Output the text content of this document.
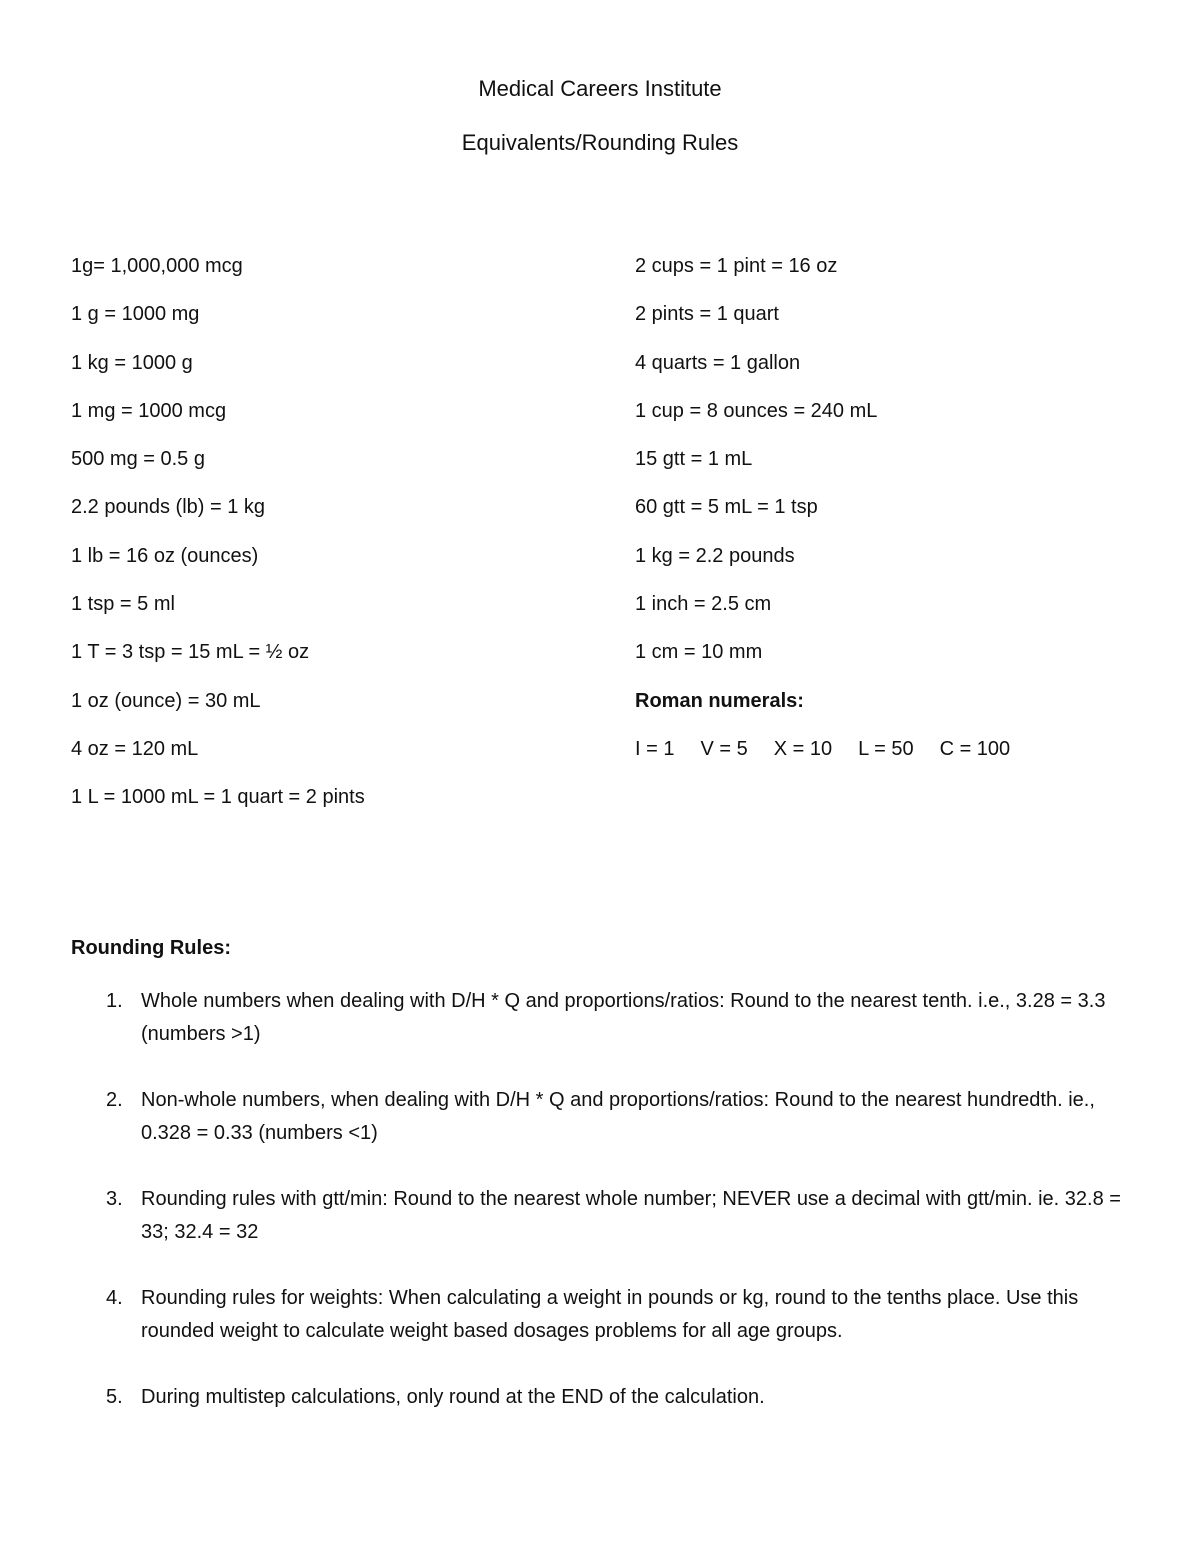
Medical Careers Institute
Equivalents/Rounding Rules
1g= 1,000,000 mcg
1 g = 1000 mg
1 kg = 1000 g
1 mg = 1000 mcg
500 mg = 0.5 g
2.2 pounds (lb) = 1 kg
1 lb = 16 oz (ounces)
1 tsp = 5 ml
1 T = 3 tsp = 15 mL = ½ oz
1 oz (ounce) = 30 mL
4 oz = 120 mL
1 L = 1000 mL = 1 quart = 2 pints
2 cups = 1 pint = 16 oz
2 pints = 1 quart
4 quarts = 1 gallon
1 cup = 8 ounces = 240 mL
15 gtt = 1 mL
60 gtt = 5 mL = 1 tsp
1 kg = 2.2 pounds
1 inch = 2.5 cm
1 cm = 10 mm
Roman numerals:
I = 1 V = 5 X = 10 L = 50 C = 100
Rounding Rules:
1. Whole numbers when dealing with D/H * Q and proportions/ratios: Round to the nearest tenth. i.e., 3.28 = 3.3 (numbers >1)
2. Non-whole numbers, when dealing with D/H * Q and proportions/ratios: Round to the nearest hundredth. ie., 0.328 = 0.33 (numbers <1)
3. Rounding rules with gtt/min: Round to the nearest whole number; NEVER use a decimal with gtt/min. ie. 32.8 = 33; 32.4 = 32
4. Rounding rules for weights: When calculating a weight in pounds or kg, round to the tenths place. Use this rounded weight to calculate weight based dosages problems for all age groups.
5. During multistep calculations, only round at the END of the calculation.
